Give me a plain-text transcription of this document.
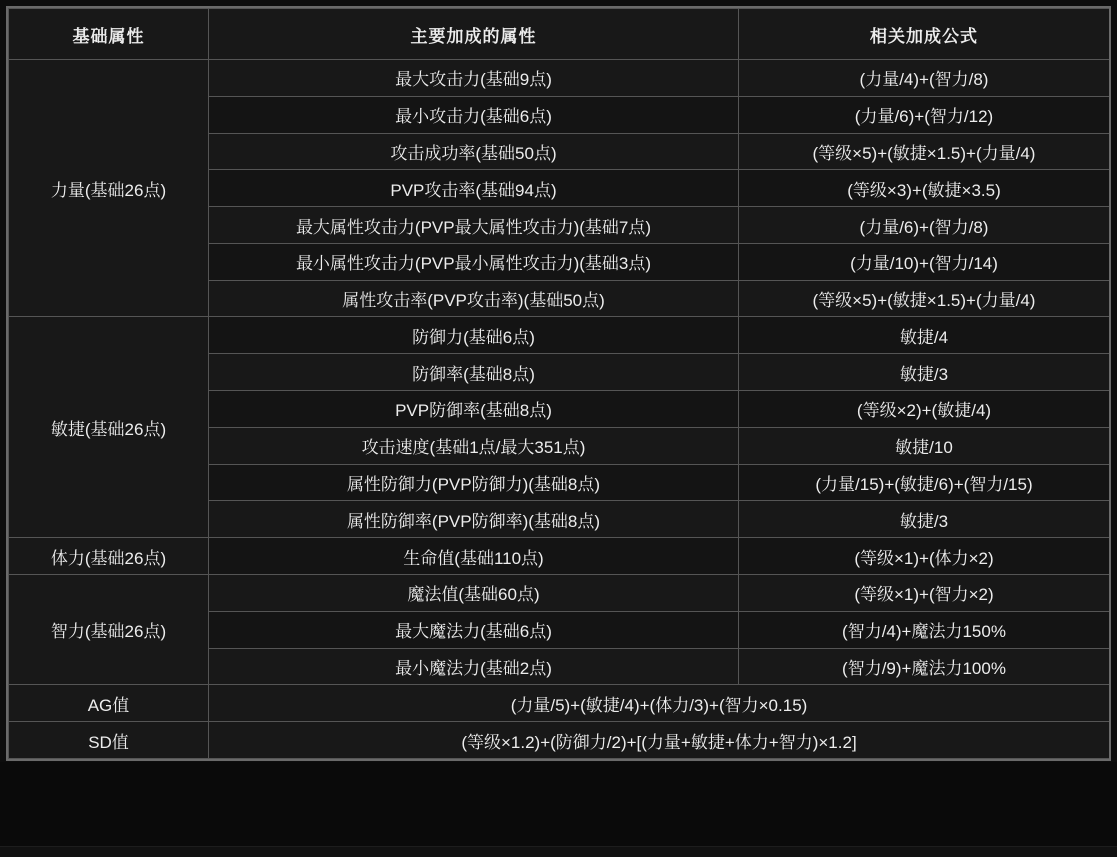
基础属性	主要加成的属性	相关加成公式
力量(基础26点)	最大攻击力(基础9点)	(力量/4)+(智力/8)
	最小攻击力(基础6点)	(力量/6)+(智力/12)
	攻击成功率(基础50点)	(等级×5)+(敏捷×1.5)+(力量/4)
	PVP攻击率(基础94点)	(等级×3)+(敏捷×3.5)
	最大属性攻击力(PVP最大属性攻击力)(基础7点)	(力量/6)+(智力/8)
	最小属性攻击力(PVP最小属性攻击力)(基础3点)	(力量/10)+(智力/14)
	属性攻击率(PVP攻击率)(基础50点)	(等级×5)+(敏捷×1.5)+(力量/4)
敏捷(基础26点)	防御力(基础6点)	敏捷/4
	防御率(基础8点)	敏捷/3
	PVP防御率(基础8点)	(等级×2)+(敏捷/4)
	攻击速度(基础1点/最大351点)	敏捷/10
	属性防御力(PVP防御力)(基础8点)	(力量/15)+(敏捷/6)+(智力/15)
	属性防御率(PVP防御率)(基础8点)	敏捷/3
体力(基础26点)	生命值(基础110点)	(等级×1)+(体力×2)
智力(基础26点)	魔法值(基础60点)	(等级×1)+(智力×2)
	最大魔法力(基础6点)	(智力/4)+魔法力150%
	最小魔法力(基础2点)	(智力/9)+魔法力100%
AG值	(力量/5)+(敏捷/4)+(体力/3)+(智力×0.15)	
SD值	(等级×1.2)+(防御力/2)+[(力量+敏捷+体力+智力)×1.2]	
